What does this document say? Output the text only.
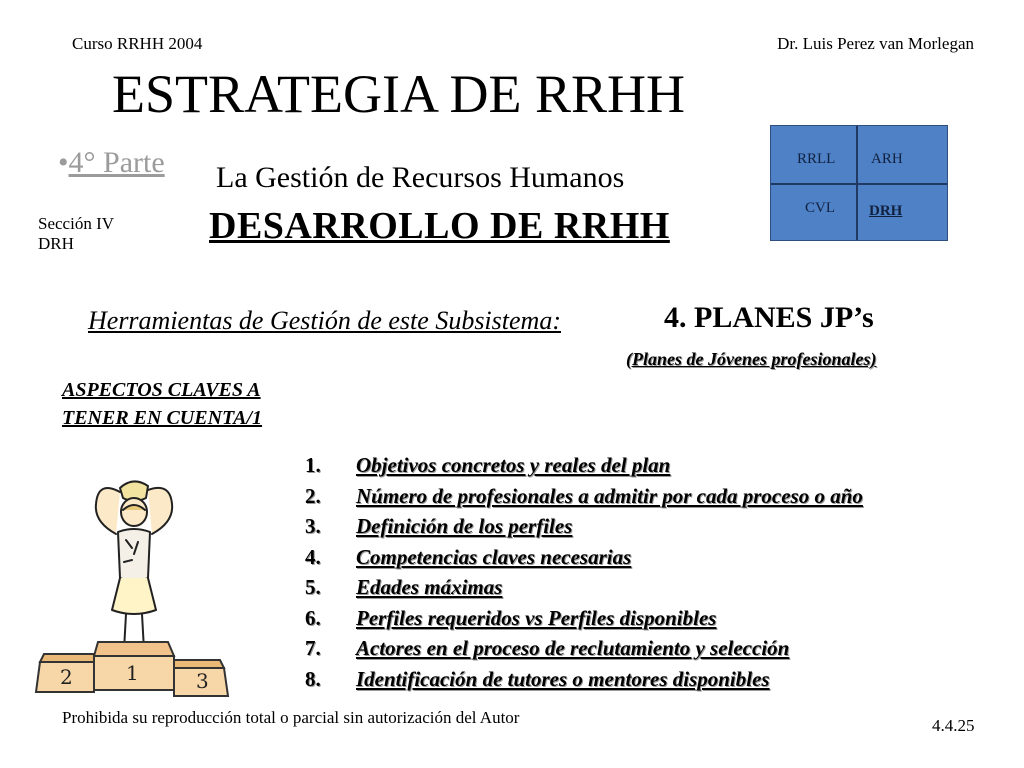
Curso RRHH 2004	Dr. Luis Perez van Morlegan
ESTRATEGIA DE RRHH
•4° Parte La Gestión de Recursos Humanos
Sección IV
DRH	DESARROLLO DE RRHH
RRLL ARH
CVL DRH
Herramientas de Gestión de este Subsistema:	4. PLANES JP’s
(Planes de Jóvenes profesionales)
ASPECTOS CLAVES A
TENER EN CUENTA/1
1. Objetivos concretos y reales del plan
2. Número de profesionales a admitir por cada proceso o año
3. Definición de los perfiles
4. Competencias claves necesarias
5. Edades máximas
6. Perfiles requeridos vs Perfiles disponibles
7. Actores en el proceso de reclutamiento y selección
8. Identificación de tutores o mentores disponibles
1
2	3
Prohibida su reproducción total o parcial sin autorización del Autor	4.4.25
